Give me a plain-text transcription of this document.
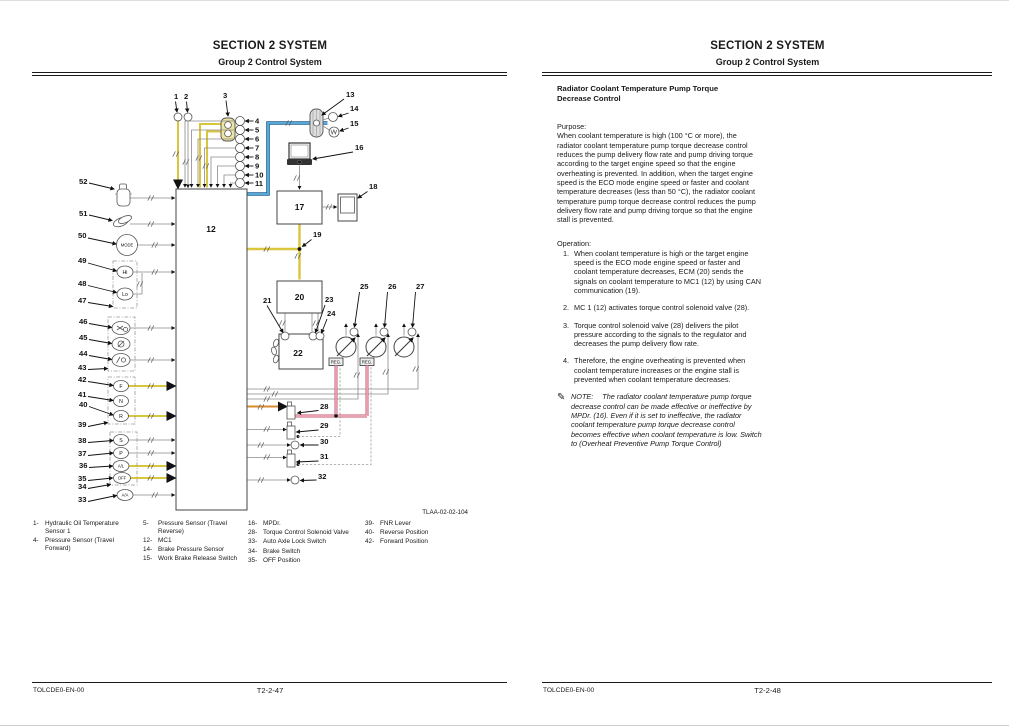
SECTION 2 SYSTEM
Group 2 Control System
17
20
22
REG.	REG.
12
MODE
Hi
Lo
F
N
R
S
P
A/L
OFF
A/A
1 2	3
4
5
6
7
8
9
10
11
13
14
15
16
18
19
21	23
24
25	26	27
28
29
30
31
32
33
34
35
36
37
38
39
40
41
42
43
44
45
46
47
48
49
50
51
52
TLAA-02-02-104
1- Hydraulic Oil Temperature Sensor 1
4- Pressure Sensor (Travel Forward)
5-	Pressure Sensor (Travel Reverse)
12- MC1
14- Brake Pressure Sensor
15- Work Brake Release Switch
16- MPDr.
28- Torque Control Solenoid Valve
33- Auto Axle Lock Switch
34- Brake Switch
35- OFF Position
39- FNR Lever
40- Reverse Position
42- Forward Position
TOLCDE0-EN-00	T2-2-47
SECTION 2 SYSTEM
Group 2 Control System

Radiator Coolant Temperature Pump Torque Decrease Control

Purpose:

When coolant temperature is high (100 °C or more), the radiator coolant temperature pump torque decrease control reduces the pump delivery flow rate and pump driving torque according to the target engine speed so that the engine overheating is prevented. In addition, when the target engine speed is the ECO mode engine speed or faster and coolant temperature decreases (less than 50 °C), the radiator coolant temperature pump torque decrease control reduces the pump delivery flow rate and pump driving torque so that the engine stall is prevented.

Operation:

1. When coolant temperature is high or the target engine speed is the ECO mode engine speed or faster and coolant temperature decreases, ECM (20) sends the signals on coolant temperature to MC1 (12) by using CAN communication (19).
2. MC 1 (12) activates torque control solenoid valve (28).
3. Torque control solenoid valve (28) delivers the pilot pressure according to the signals to the regulator and decreases the pump delivery flow rate.
4. Therefore, the engine overheating is prevented when coolant temperature increases or the engine stall is prevented when coolant temperature decreases.
✎ NOTE: The radiator coolant temperature pump torque decrease control can be made effective or ineffective by MPDr. (16). Even if it is set to ineffective, the radiator coolant temperature pump torque decrease control becomes effective when coolant temperature is low. Switch to (Overheat Preventive Pump Torque Control)
TOLCDE0-EN-00	T2-2-48
